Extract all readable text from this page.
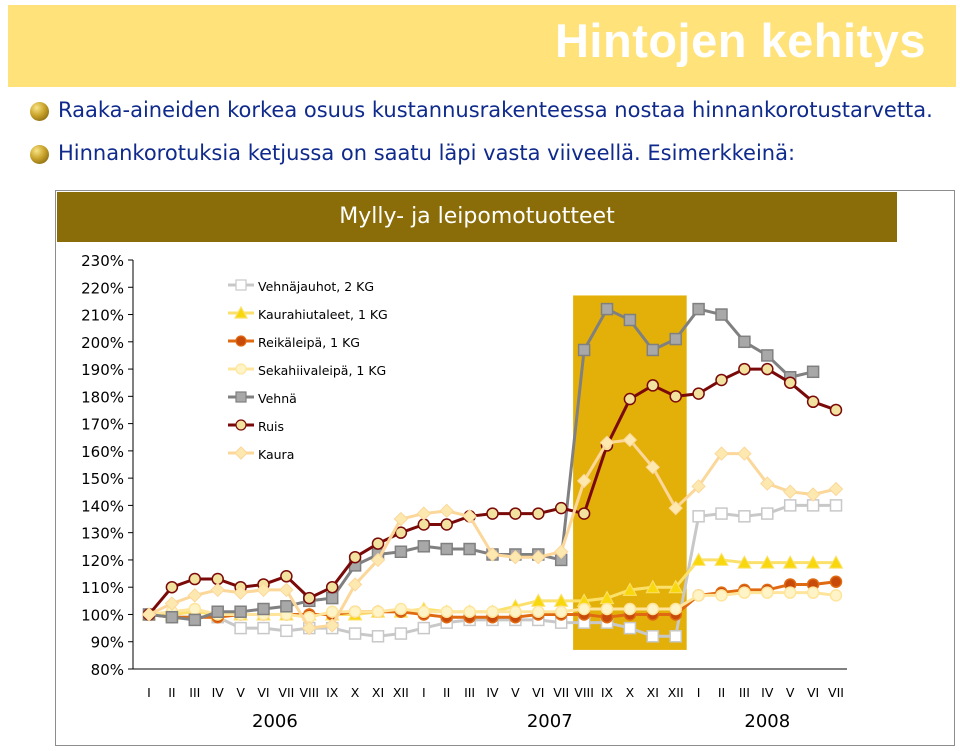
Hintojen kehitys
Raaka-aineiden korkea osuus kustannusrakenteessa nostaa hinnankorotustarvetta.
Hinnankorotuksia ketjussa on saatu läpi vasta viiveellä. Esimerkkeinä:
Mylly- ja leipomotuotteet
80%
90%
100%
110%
120%
130%
140%
150%
160%
170%
180%
190%
200%
210%
220%
230%
I II III IV V VI VII VIII IX X XI XII I II III IV V VI VII VIII IX X XI XII I II III IV V VI VII
2006	2007	2008
Vehnäjauhot, 2 KG
Kaurahiutaleet, 1 KG
Reikäleipä, 1 KG
Sekahiivaleipä, 1 KG
Vehnä
Ruis
Kaura
